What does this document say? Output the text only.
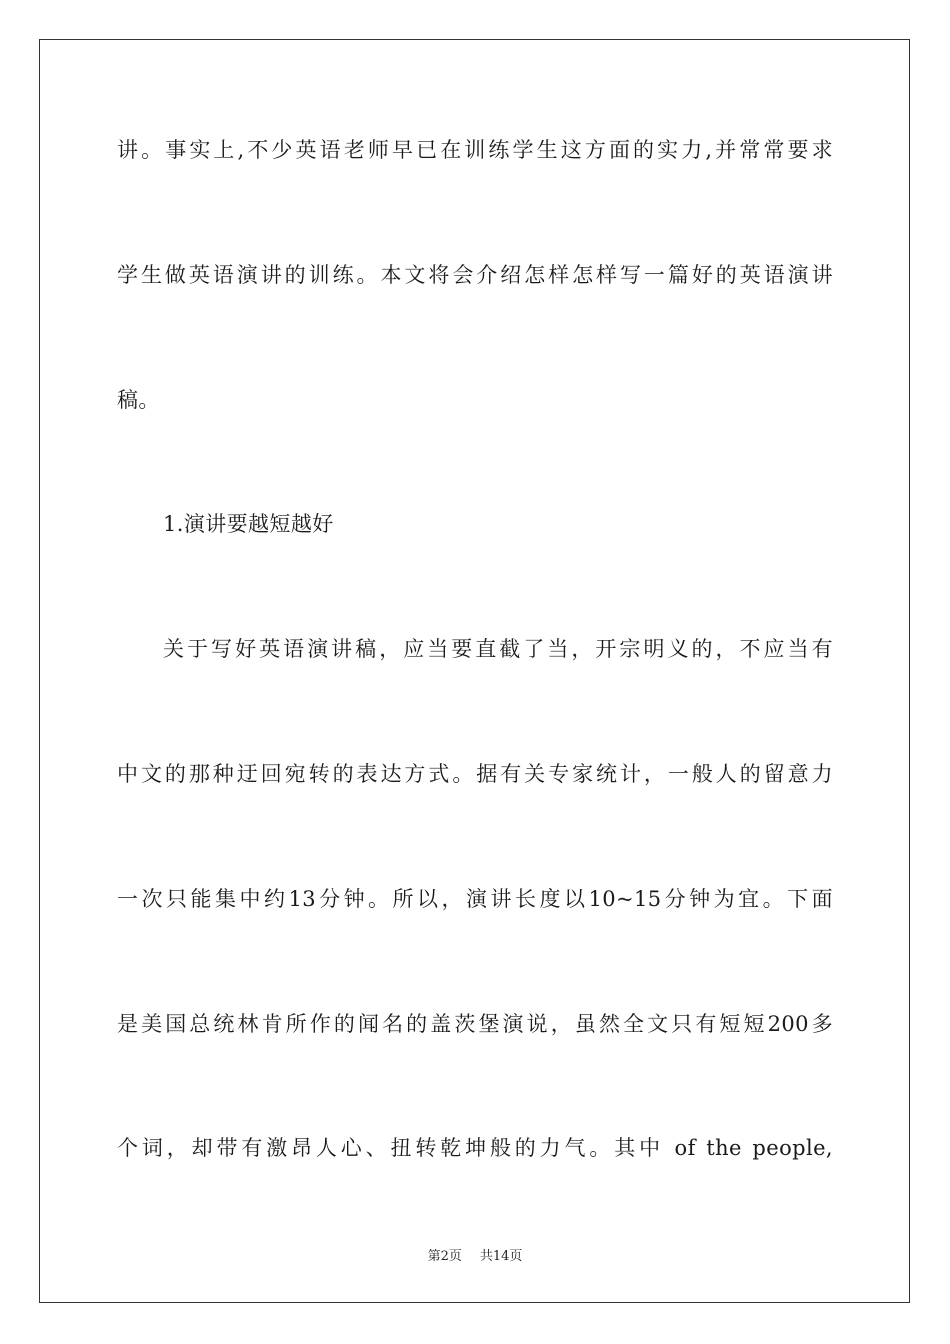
讲。事实上,不少英语老师早已在训练学生这方面的实力,并常常要求
学生做英语演讲的训练。本文将会介绍怎样怎样写一篇好的英语演讲
稿。
1.演讲要越短越好
关于写好英语演讲稿，应当要直截了当，开宗明义的，不应当有
中文的那种迂回宛转的表达方式。据有关专家统计，一般人的留意力
一次只能集中约13分钟。所以，演讲长度以10~15分钟为宜。下面
是美国总统林肯所作的闻名的盖茨堡演说，虽然全文只有短短200多
个词，却带有激昂人心、扭转乾坤般的力气。其中 of the people,
第2页 共14页
